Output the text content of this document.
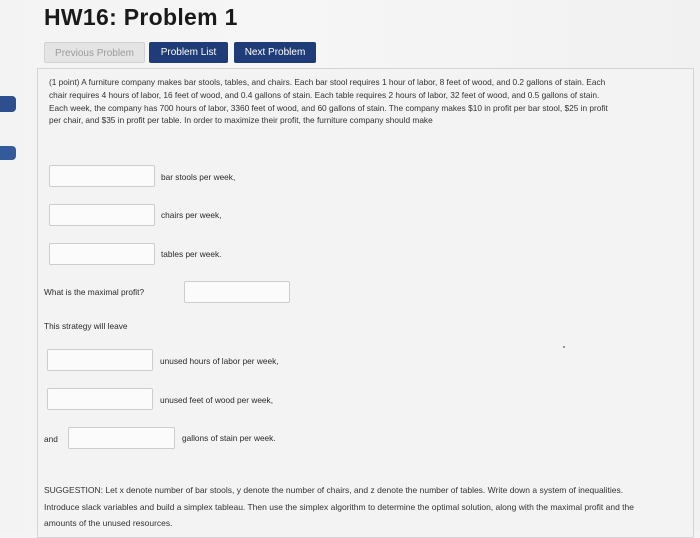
HW16: Problem 1
Previous Problem	Problem List	Next Problem

(1 point) A furniture company makes bar stools, tables, and chairs. Each bar stool requires 1 hour of labor, 8 feet of wood, and 0.2 gallons of stain. Each chair requires 4 hours of labor, 16 feet of wood, and 0.4 gallons of stain. Each table requires 2 hours of labor, 32 feet of wood, and 0.5 gallons of stain. Each week, the company has 700 hours of labor, 3360 feet of wood, and 60 gallons of stain. The company makes $10 in profit per bar stool, $25 in profit per chair, and $35 in profit per table. In order to maximize their profit, the furniture company should make

bar stools per week,
chairs per week,
tables per week.
What is the maximal profit?
This strategy will leave
unused hours of labor per week,
unused feet of wood per week,
and	gallons of stain per week.

SUGGESTION: Let x denote number of bar stools, y denote the number of chairs, and z denote the number of tables. Write down a system of inequalities. Introduce slack variables and build a simplex tableau. Then use the simplex algorithm to determine the optimal solution, along with the maximal profit and the amounts of the unused resources.
